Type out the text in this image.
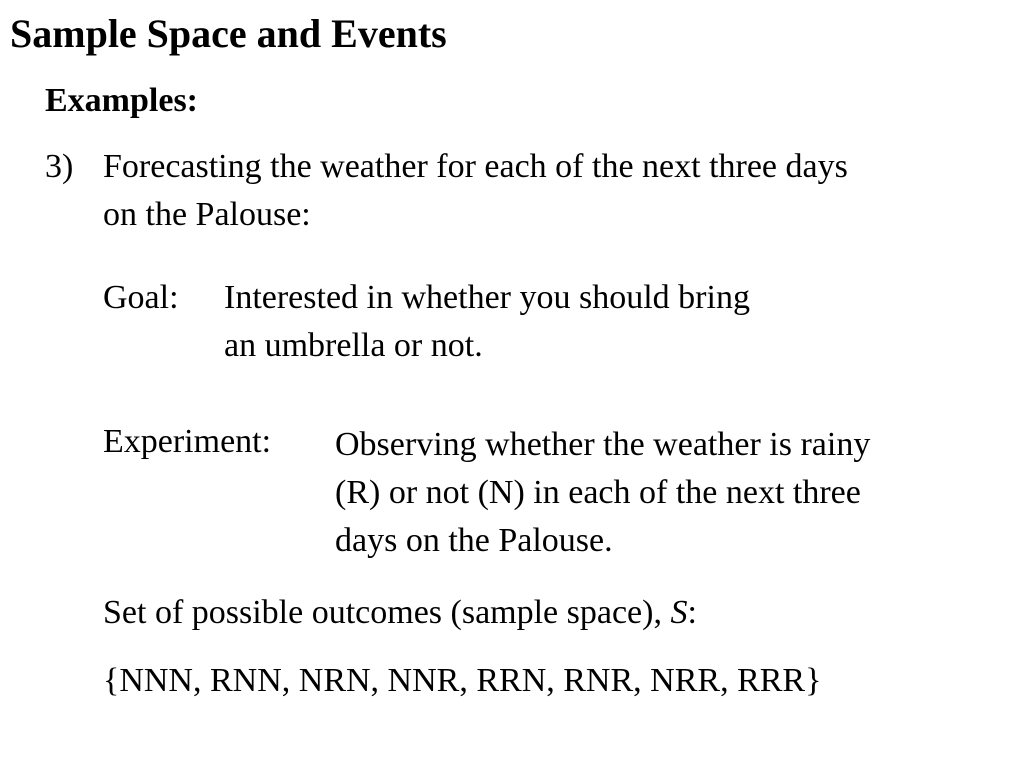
Sample Space and Events
Examples:
3) Forecasting the weather for each of the next three days
on the Palouse:
Goal: Interested in whether you should bring
an umbrella or not.
Experiment: Observing whether the weather is rainy
(R) or not (N) in each of the next three
days on the Palouse.
Set of possible outcomes (sample space), S:
{NNN, RNN, NRN, NNR, RRN, RNR, NRR, RRR}
